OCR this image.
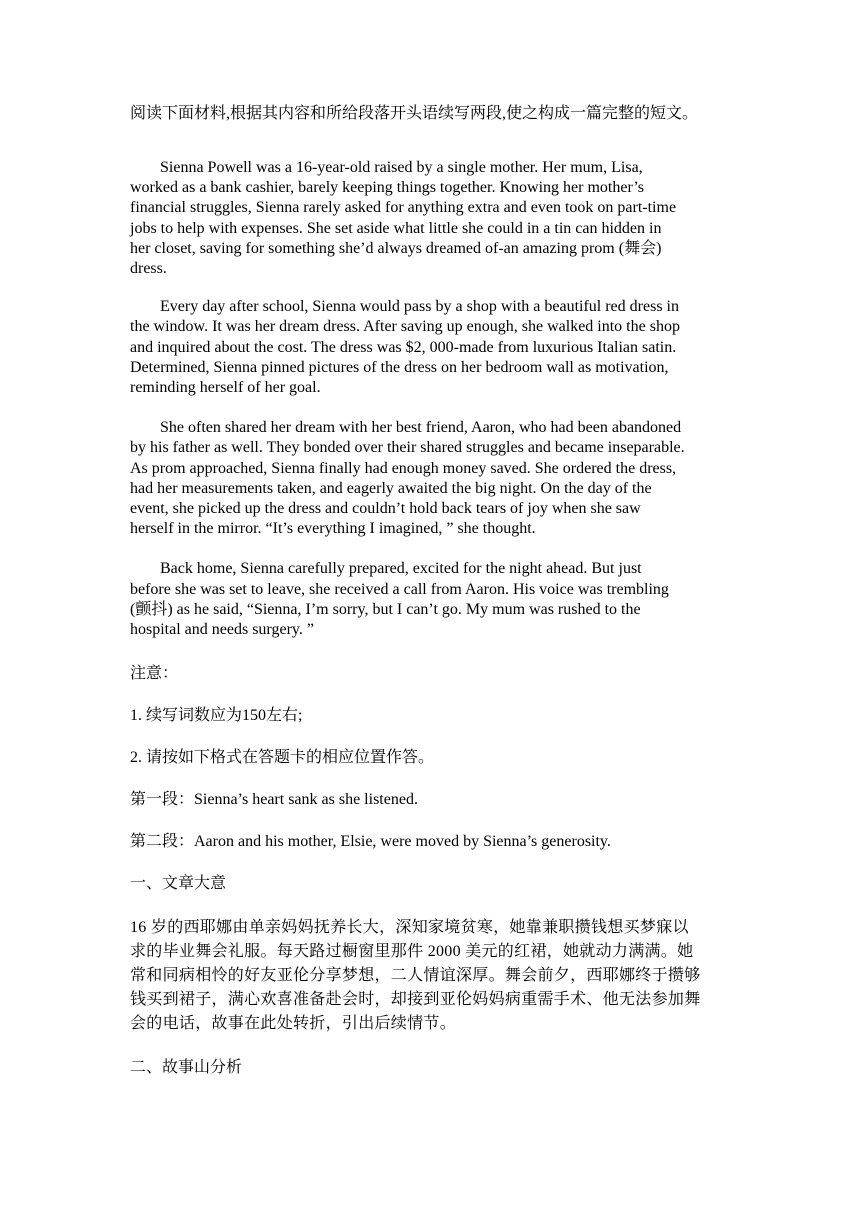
阅读下面材料,根据其内容和所给段落开头语续写两段,使之构成一篇完整的短文。
Sienna Powell was a 16-year-old raised by a single mother. Her mum, Lisa,
worked as a bank cashier, barely keeping things together. Knowing her mother’s
financial struggles, Sienna rarely asked for anything extra and even took on part-time
jobs to help with expenses. She set aside what little she could in a tin can hidden in
her closet, saving for something she’d always dreamed of-an amazing prom (舞会)
dress.
Every day after school, Sienna would pass by a shop with a beautiful red dress in
the window. It was her dream dress. After saving up enough, she walked into the shop
and inquired about the cost. The dress was $2, 000-made from luxurious Italian satin.
Determined, Sienna pinned pictures of the dress on her bedroom wall as motivation,
reminding herself of her goal.
She often shared her dream with her best friend, Aaron, who had been abandoned
by his father as well. They bonded over their shared struggles and became inseparable.
As prom approached, Sienna finally had enough money saved. She ordered the dress,
had her measurements taken, and eagerly awaited the big night. On the day of the
event, she picked up the dress and couldn’t hold back tears of joy when she saw
herself in the mirror. “It’s everything I imagined, ” she thought.
Back home, Sienna carefully prepared, excited for the night ahead. But just
before she was set to leave, she received a call from Aaron. His voice was trembling
(颤抖) as he said, “Sienna, I’m sorry, but I can’t go. My mum was rushed to the
hospital and needs surgery. ”
注意：
1. 续写词数应为150左右;
2. 请按如下格式在答题卡的相应位置作答。
第一段：Sienna’s heart sank as she listened.
第二段：Aaron and his mother, Elsie, were moved by Sienna’s generosity.
一、文章大意
16 岁的西耶娜由单亲妈妈抚养长大，深知家境贫寒，她靠兼职攒钱想买梦寐以
求的毕业舞会礼服。每天路过橱窗里那件 2000 美元的红裙，她就动力满满。她
常和同病相怜的好友亚伦分享梦想，二人情谊深厚。舞会前夕，西耶娜终于攒够
钱买到裙子，满心欢喜准备赴会时，却接到亚伦妈妈病重需手术、他无法参加舞
会的电话，故事在此处转折，引出后续情节。
二、故事山分析
